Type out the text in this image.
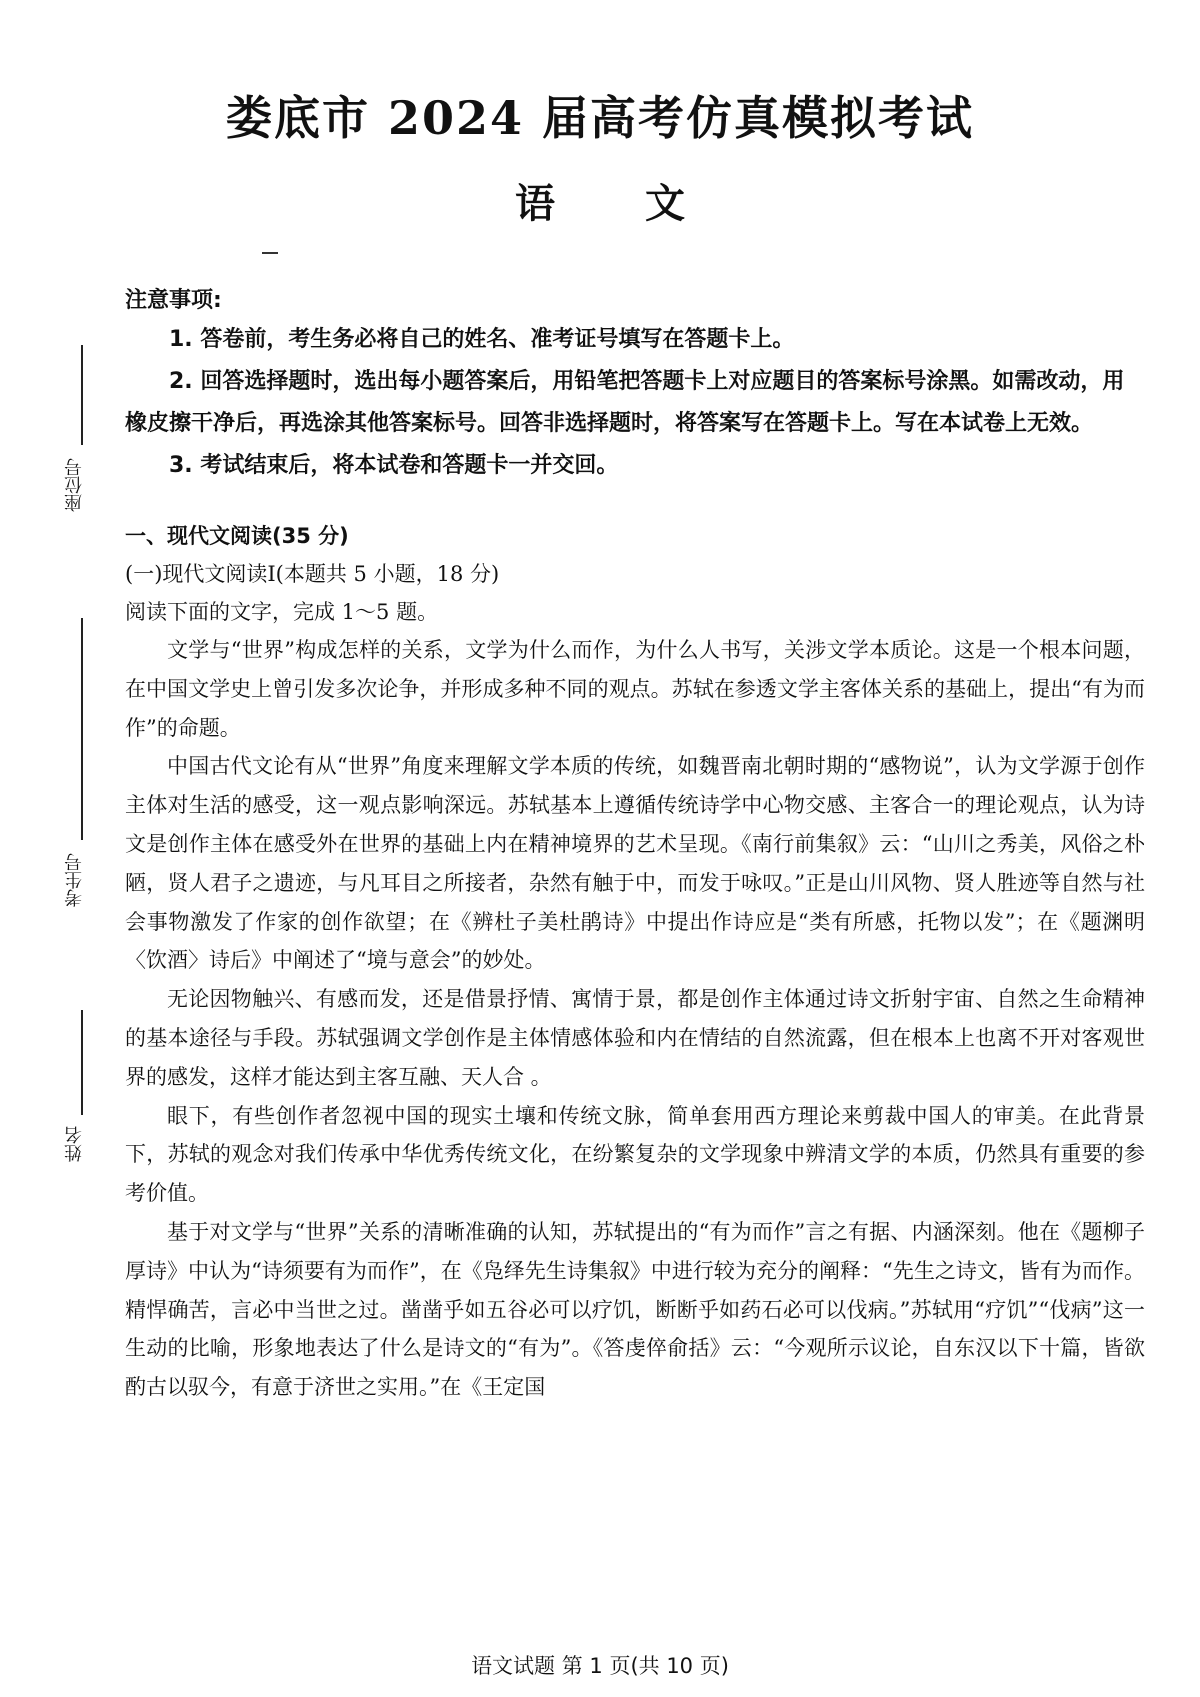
娄底市 2024 届高考仿真模拟考试
语文
座位号
考生号
姓名

注意事项:

1. 答卷前，考生务必将自己的姓名、准考证号填写在答题卡上。

2. 回答选择题时，选出每小题答案后，用铅笔把答题卡上对应题目的答案标号涂黑。如需改动，用橡皮擦干净后，再选涂其他答案标号。回答非选择题时，将答案写在答题卡上。写在本试卷上无效。

3. 考试结束后，将本试卷和答题卡一并交回。

一、现代文阅读(35 分)

(一)现代文阅读Ⅰ(本题共 5 小题，18 分)

阅读下面的文字，完成 1～5 题。

文学与“世界”构成怎样的关系，文学为什么而作，为什么人书写，关涉文学本质论。这是一个根本问题，在中国文学史上曾引发多次论争，并形成多种不同的观点。苏轼在参透文学主客体关系的基础上，提出“有为而作”的命题。

中国古代文论有从“世界”角度来理解文学本质的传统，如魏晋南北朝时期的“感物说”，认为文学源于创作主体对生活的感受，这一观点影响深远。苏轼基本上遵循传统诗学中心物交感、主客合一的理论观点，认为诗文是创作主体在感受外在世界的基础上内在精神境界的艺术呈现。《南行前集叙》云：“山川之秀美，风俗之朴陋，贤人君子之遗迹，与凡耳目之所接者，杂然有触于中，而发于咏叹。”正是山川风物、贤人胜迹等自然与社会事物激发了作家的创作欲望；在《辨杜子美杜鹃诗》中提出作诗应是“类有所感，托物以发”；在《题渊明〈饮酒〉诗后》中阐述了“境与意会”的妙处。

无论因物触兴、有感而发，还是借景抒情、寓情于景，都是创作主体通过诗文折射宇宙、自然之生命精神的基本途径与手段。苏轼强调文学创作是主体情感体验和内在情结的自然流露，但在根本上也离不开对客观世界的感发，这样才能达到主客互融、天人合 。

眼下，有些创作者忽视中国的现实土壤和传统文脉，简单套用西方理论来剪裁中国人的审美。在此背景下，苏轼的观念对我们传承中华优秀传统文化，在纷繁复杂的文学现象中辨清文学的本质，仍然具有重要的参考价值。

基于对文学与“世界”关系的清晰准确的认知，苏轼提出的“有为而作”言之有据、内涵深刻。他在《题柳子厚诗》中认为“诗须要有为而作”，在《凫绎先生诗集叙》中进行较为充分的阐释：“先生之诗文，皆有为而作。精悍确苦，言必中当世之过。凿凿乎如五谷必可以疗饥，断断乎如药石必可以伐病。”苏轼用“疗饥”“伐病”这一生动的比喻，形象地表达了什么是诗文的“有为”。《答虔倅俞括》云：“今观所示议论，自东汉以下十篇，皆欲酌古以驭今，有意于济世之实用。”在《王定国

语文试题 第 1 页(共 10 页)
